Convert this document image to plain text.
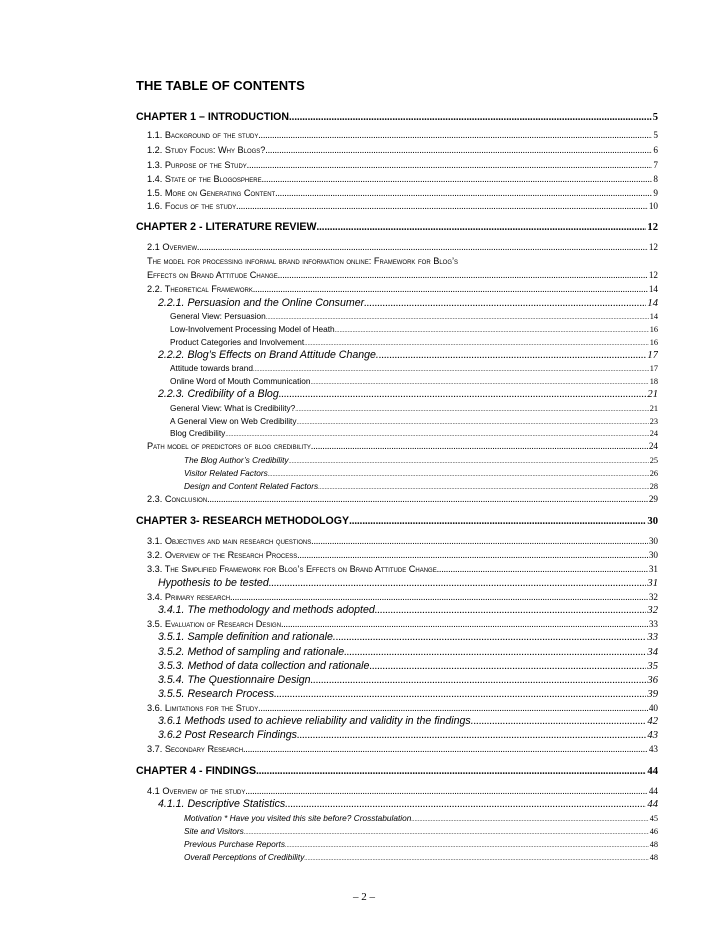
THE TABLE OF CONTENTS
CHAPTER 1 – INTRODUCTION .....	5
1.1. Background of the study .....	5
1.2. Study Focus: Why Blogs? .....	6
1.3. Purpose of the Study .....	7
1.4. State of the Blogosphere .....	8
1.5. More on Generating Content .....	9
1.6. Focus of the study .....	10
CHAPTER 2 - LITERATURE REVIEW .....	12
2.1 Overview .....	12
The model for processing informal brand information online: Framework for Blog’s
Effects on Brand Attitude Change .....	12
2.2. Theoretical Framework .....	14
2.2.1. Persuasion and the Online Consumer .....	14
General View: Persuasion .....	14
Low-Involvement Processing Model of Heath .....	16
Product Categories and Involvement .....	16
2.2.2. Blog’s Effects on Brand Attitude Change. .....	17
Attitude towards brand .....	17
Online Word of Mouth Communication .....	18
2.2.3. Credibility of a Blog .....	21
General View: What is Credibility? .....	21
A General View on Web Credibility .....	23
Blog Credibility .....	24
Path model of predictors of blog credibility .....	24
The Blog Author’s Credibility .....	25
Visitor Related Factors .....	26
Design and Content Related Factors .....	28
2.3. Conclusion .....	29
CHAPTER 3- RESEARCH METHODOLOGY .....	30
3.1. Objectives and main research questions .....	30
3.2. Overview of the Research Process .....	30
3.3. The Simplified Framework for Blog’s Effects on Brand Attitude Change .....	31
Hypothesis to be tested .....	31
3.4. Primary research .....	32
3.4.1. The methodology and methods adopted .....	32
3.5. Evaluation of Research Design .....	33
3.5.1. Sample definition and rationale. .....	33
3.5.2. Method of sampling and rationale .....	34
3.5.3. Method of data collection and rationale .....	35
3.5.4. The Questionnaire Design .....	36
3.5.5. Research Process .....	39
3.6. Limitations for the Study .....	40
3.6.1 Methods used to achieve reliability and validity in the findings. .....	42
3.6.2 Post Research Findings .....	43
3.7. Secondary Research .....	43
CHAPTER 4 - FINDINGS .....	44
4.1 Overview of the study .....	44
4.1.1. Descriptive Statistics .....	44
Motivation * Have you visited this site before? Crosstabulation .....	45
Site and Visitors .....	46
Previous Purchase Reports .....	48
Overall Perceptions of Credibility .....	48
– 2 –
